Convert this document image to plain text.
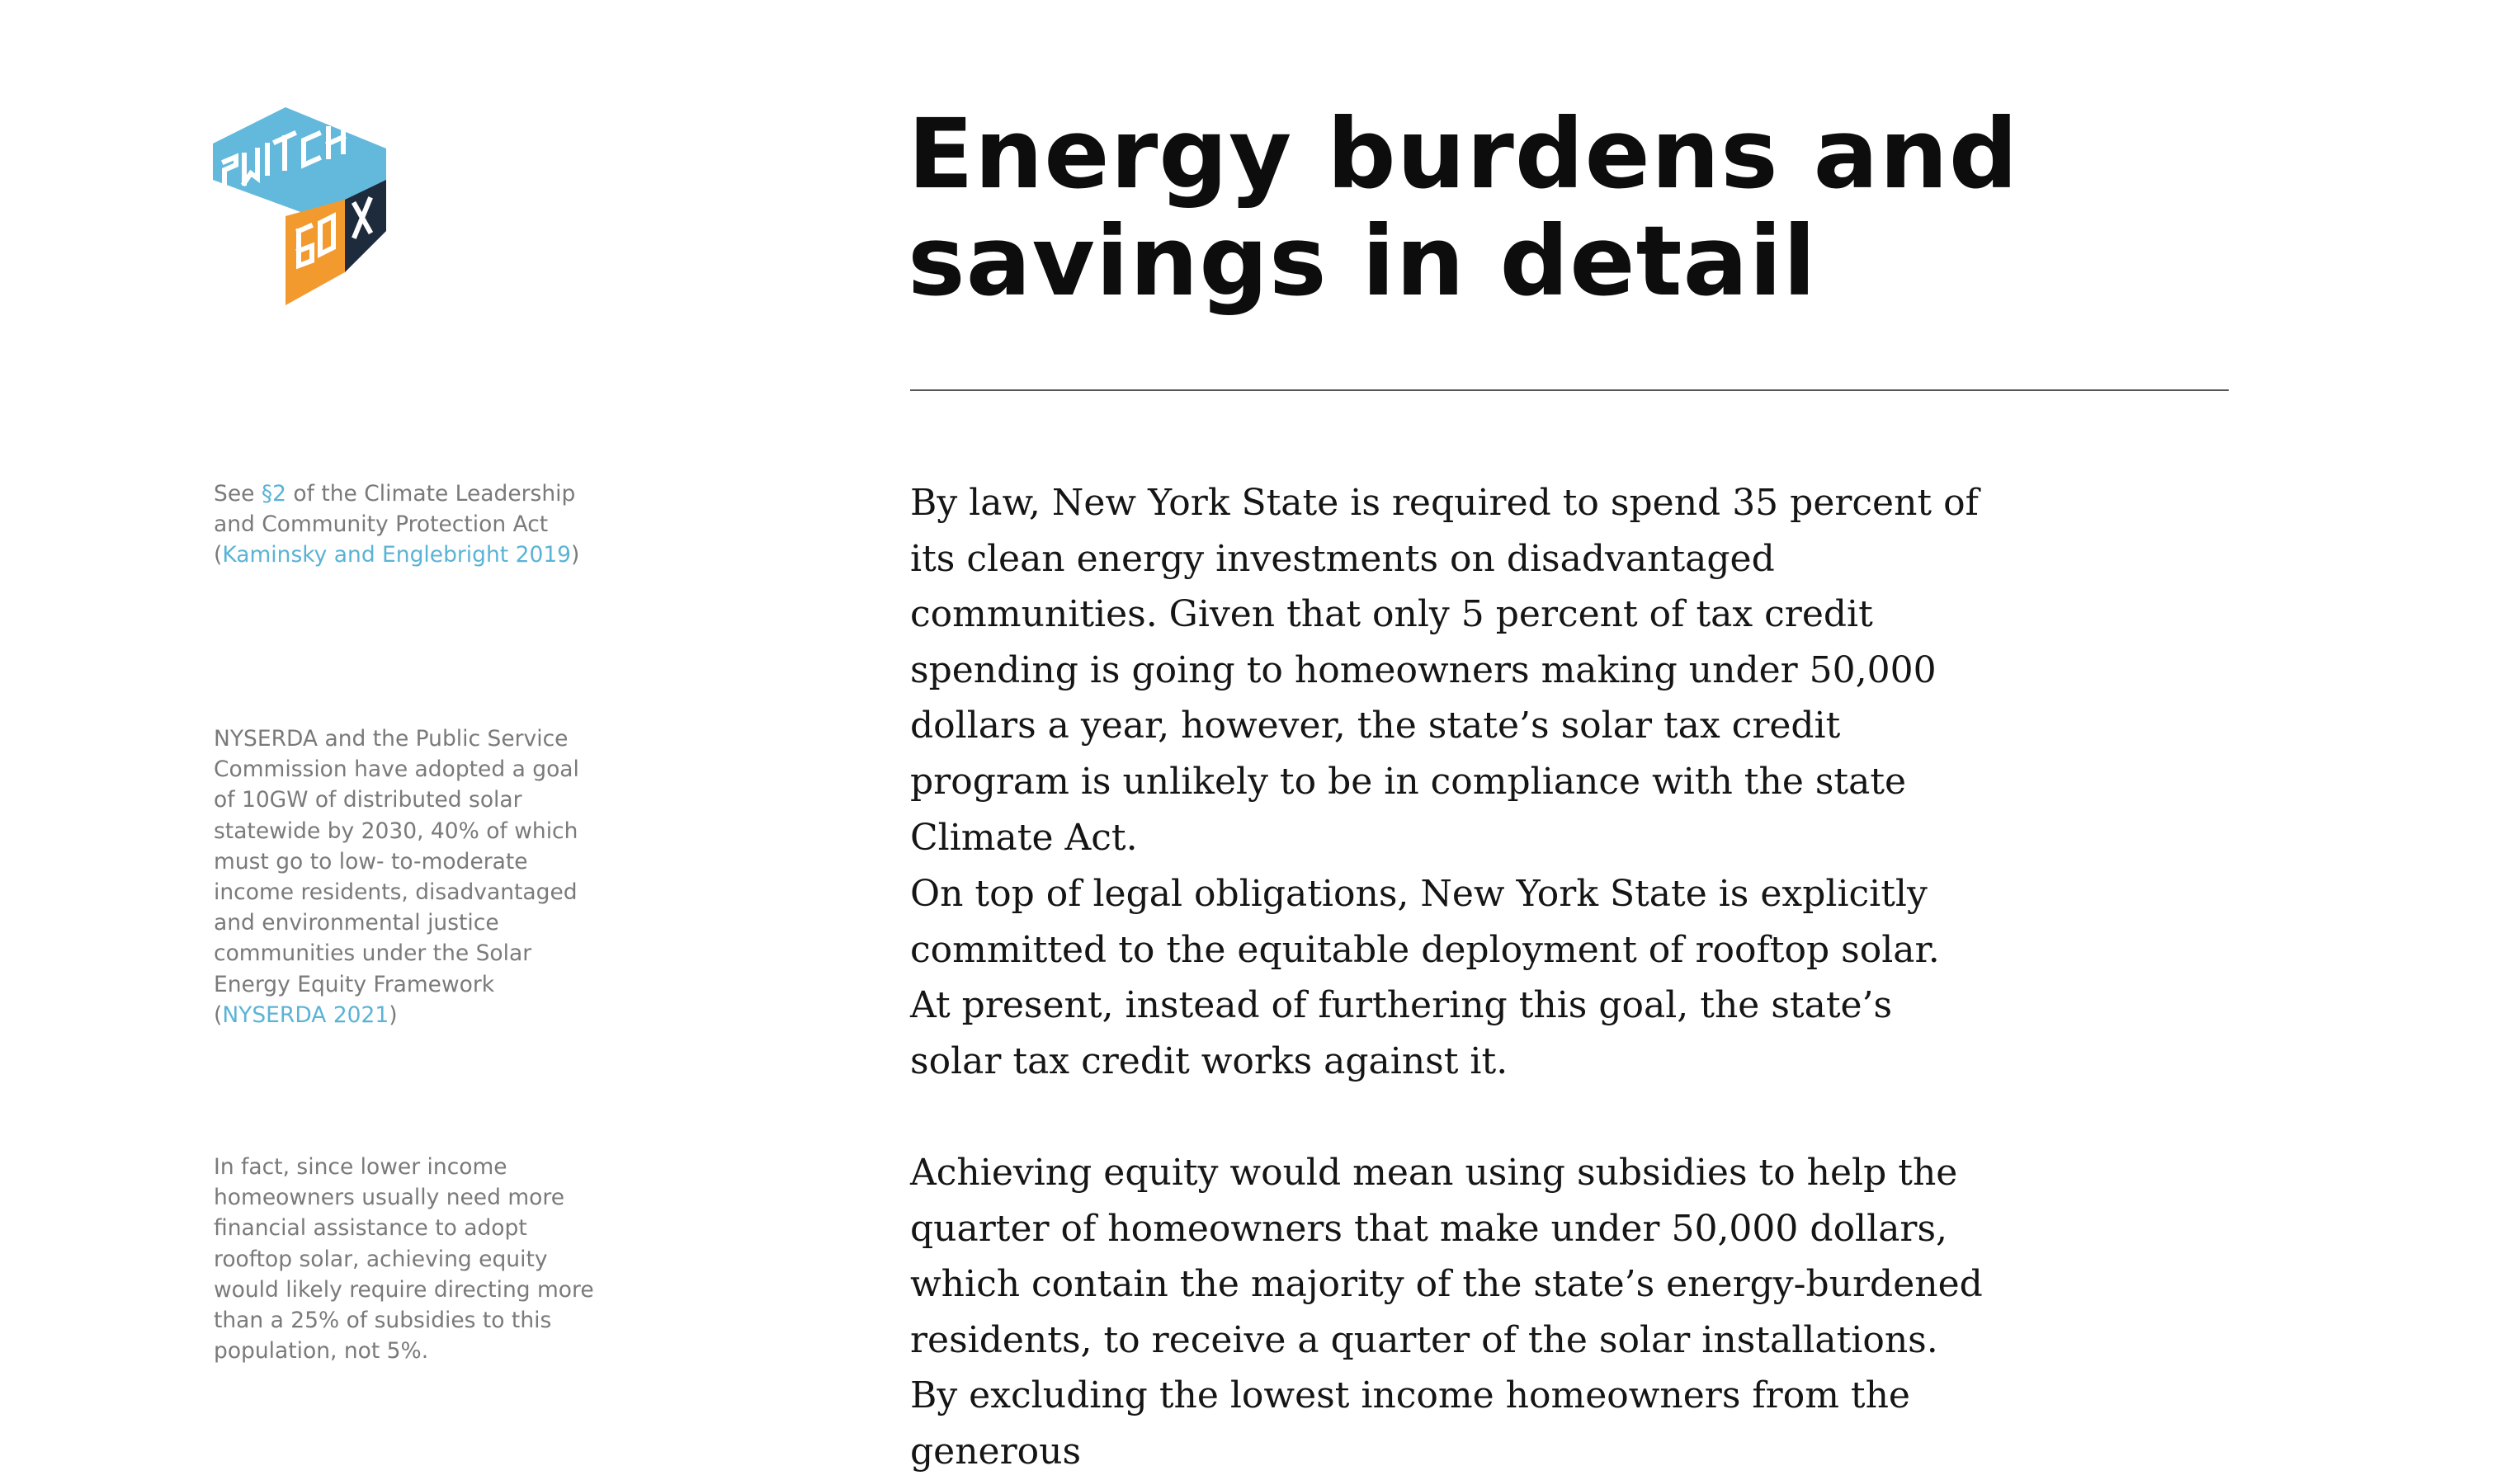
See §2 of the Climate Leadership and Community Protection Act (Kaminsky and Englebright 2019)

NYSERDA and the Public Service Commission have adopted a goal of 10GW of distributed solar statewide by 2030, 40% of which must go to low- to-moderate income residents, disadvantaged and environmental justice communities under the Solar Energy Equity Framework (NYSERDA 2021)

In fact, since lower income homeowners usually need more financial assistance to adopt rooftop solar, achieving equity would likely require directing more than a 25% of subsidies to this population, not 5%.

Energy burdens and savings in detail

By law, New York State is required to spend 35 percent of its clean energy investments on disadvantaged communities. Given that only 5 percent of tax credit spending is going to homeowners making under 50,000 dollars a year, however, the state’s solar tax credit program is unlikely to be in compliance with the state Climate Act.

On top of legal obligations, New York State is explicitly committed to the equitable deployment of rooftop solar. At present, instead of furthering this goal, the state’s solar tax credit works against it.

Achieving equity would mean using subsidies to help the quarter of homeowners that make under 50,000 dollars, which contain the majority of the state’s energy-burdened residents, to receive a quarter of the solar installations. By excluding the lowest income homeowners from the generous
